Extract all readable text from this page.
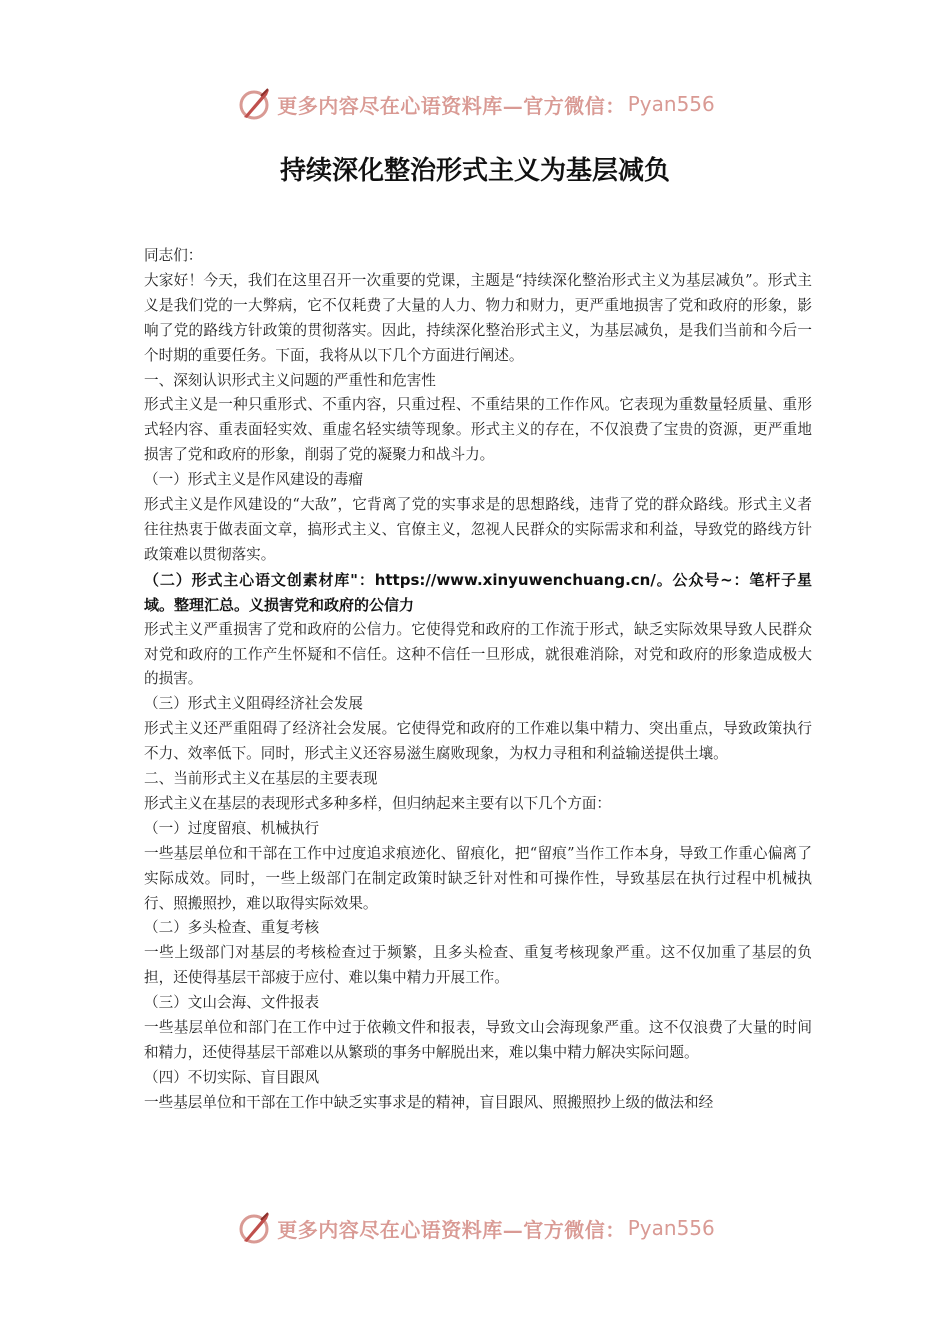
更多内容尽在心语资料库—官方微信： Pyan556
持续深化整治形式主义为基层减负

同志们：

大家好！今天，我们在这里召开一次重要的党课，主题是“持续深化整治形式主义为基层减负”。形式主义是我们党的一大弊病，它不仅耗费了大量的人力、物力和财力，更严重地损害了党和政府的形象，影响了党的路线方针政策的贯彻落实。因此，持续深化整治形式主义，为基层减负，是我们当前和今后一个时期的重要任务。下面，我将从以下几个方面进行阐述。

一、深刻认识形式主义问题的严重性和危害性

形式主义是一种只重形式、不重内容，只重过程、不重结果的工作作风。它表现为重数量轻质量、重形式轻内容、重表面轻实效、重虚名轻实绩等现象。形式主义的存在，不仅浪费了宝贵的资源，更严重地损害了党和政府的形象，削弱了党的凝聚力和战斗力。

（一）形式主义是作风建设的毒瘤

形式主义是作风建设的“大敌”，它背离了党的实事求是的思想路线，违背了党的群众路线。形式主义者往往热衷于做表面文章，搞形式主义、官僚主义，忽视人民群众的实际需求和利益，导致党的路线方针政策难以贯彻落实。

（二）形式主心语文创素材库"：https://www.xinyuwenchuang.cn/。公众号~：笔杆子星域。整理汇总。义损害党和政府的公信力

形式主义严重损害了党和政府的公信力。它使得党和政府的工作流于形式，缺乏实际效果导致人民群众对党和政府的工作产生怀疑和不信任。这种不信任一旦形成，就很难消除，对党和政府的形象造成极大的损害。

（三）形式主义阻碍经济社会发展

形式主义还严重阻碍了经济社会发展。它使得党和政府的工作难以集中精力、突出重点，导致政策执行不力、效率低下。同时，形式主义还容易滋生腐败现象，为权力寻租和利益输送提供土壤。

二、当前形式主义在基层的主要表现

形式主义在基层的表现形式多种多样，但归纳起来主要有以下几个方面：

（一）过度留痕、机械执行

一些基层单位和干部在工作中过度追求痕迹化、留痕化，把“留痕”当作工作本身，导致工作重心偏离了实际成效。同时，一些上级部门在制定政策时缺乏针对性和可操作性，导致基层在执行过程中机械执行、照搬照抄，难以取得实际效果。

（二）多头检查、重复考核

一些上级部门对基层的考核检查过于频繁，且多头检查、重复考核现象严重。这不仅加重了基层的负担，还使得基层干部疲于应付、难以集中精力开展工作。

（三）文山会海、文件报表

一些基层单位和部门在工作中过于依赖文件和报表，导致文山会海现象严重。这不仅浪费了大量的时间和精力，还使得基层干部难以从繁琐的事务中解脱出来，难以集中精力解决实际问题。

（四）不切实际、盲目跟风

一些基层单位和干部在工作中缺乏实事求是的精神，盲目跟风、照搬照抄上级的做法和经

更多内容尽在心语资料库—官方微信： Pyan556
